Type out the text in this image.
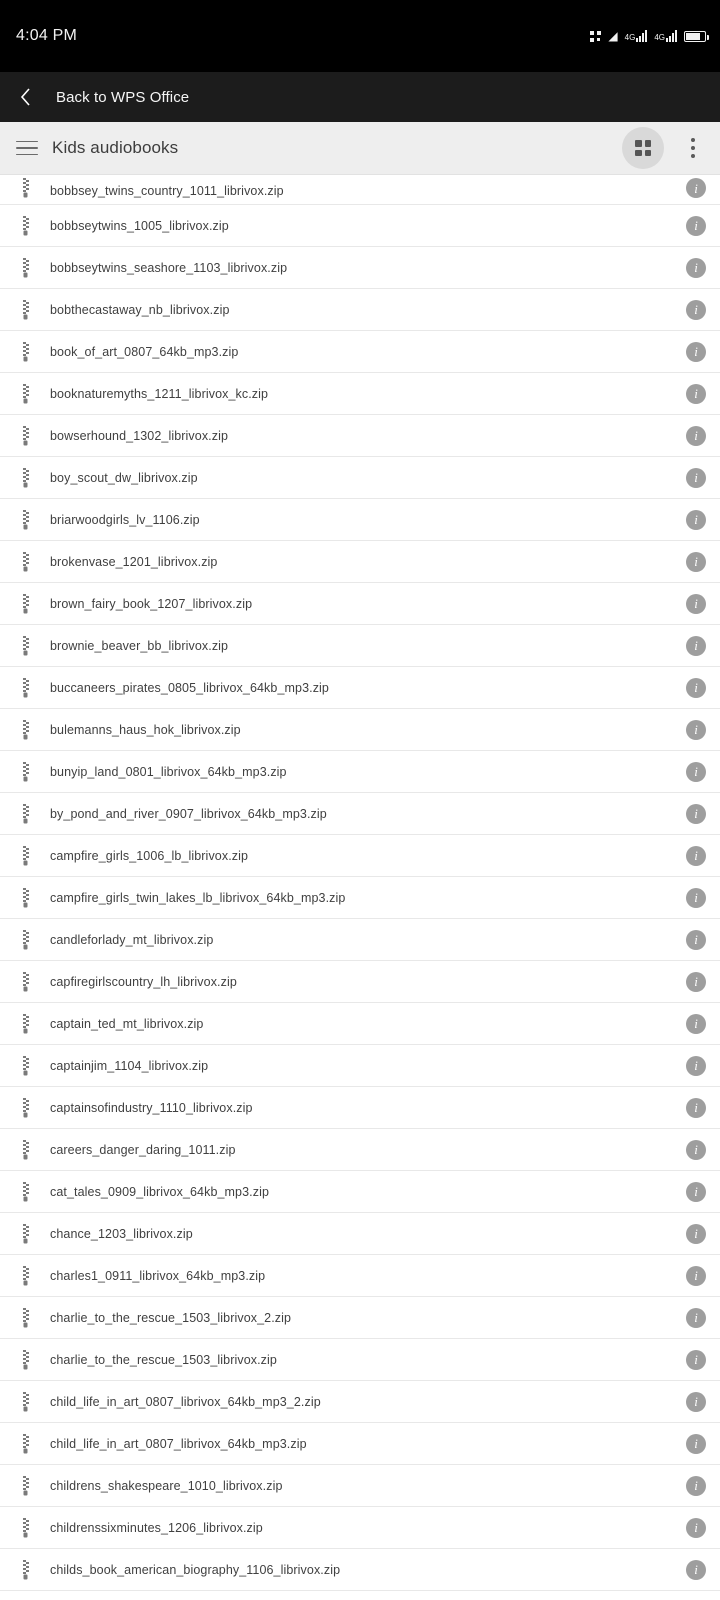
4:04 PM	◢ 4G 4G
Back to WPS Office
Kids audiobooks
bobbsey_twins_country_1011_librivox.zip	i
bobbseytwins_1005_librivox.zip	i
bobbseytwins_seashore_1103_librivox.zip	i
bobthecastaway_nb_librivox.zip	i
book_of_art_0807_64kb_mp3.zip	i
booknaturemyths_1211_librivox_kc.zip	i
bowserhound_1302_librivox.zip	i
boy_scout_dw_librivox.zip	i
briarwoodgirls_lv_1106.zip	i
brokenvase_1201_librivox.zip	i
brown_fairy_book_1207_librivox.zip	i
brownie_beaver_bb_librivox.zip	i
buccaneers_pirates_0805_librivox_64kb_mp3.zip	i
bulemanns_haus_hok_librivox.zip	i
bunyip_land_0801_librivox_64kb_mp3.zip	i
by_pond_and_river_0907_librivox_64kb_mp3.zip	i
campfire_girls_1006_lb_librivox.zip	i
campfire_girls_twin_lakes_lb_librivox_64kb_mp3.zip	i
candleforlady_mt_librivox.zip	i
capfiregirlscountry_lh_librivox.zip	i
captain_ted_mt_librivox.zip	i
captainjim_1104_librivox.zip	i
captainsofindustry_1110_librivox.zip	i
careers_danger_daring_1011.zip	i
cat_tales_0909_librivox_64kb_mp3.zip	i
chance_1203_librivox.zip	i
charles1_0911_librivox_64kb_mp3.zip	i
charlie_to_the_rescue_1503_librivox_2.zip	i
charlie_to_the_rescue_1503_librivox.zip	i
child_life_in_art_0807_librivox_64kb_mp3_2.zip	i
child_life_in_art_0807_librivox_64kb_mp3.zip	i
childrens_shakespeare_1010_librivox.zip	i
childrenssixminutes_1206_librivox.zip	i
childs_book_american_biography_1106_librivox.zip	i
